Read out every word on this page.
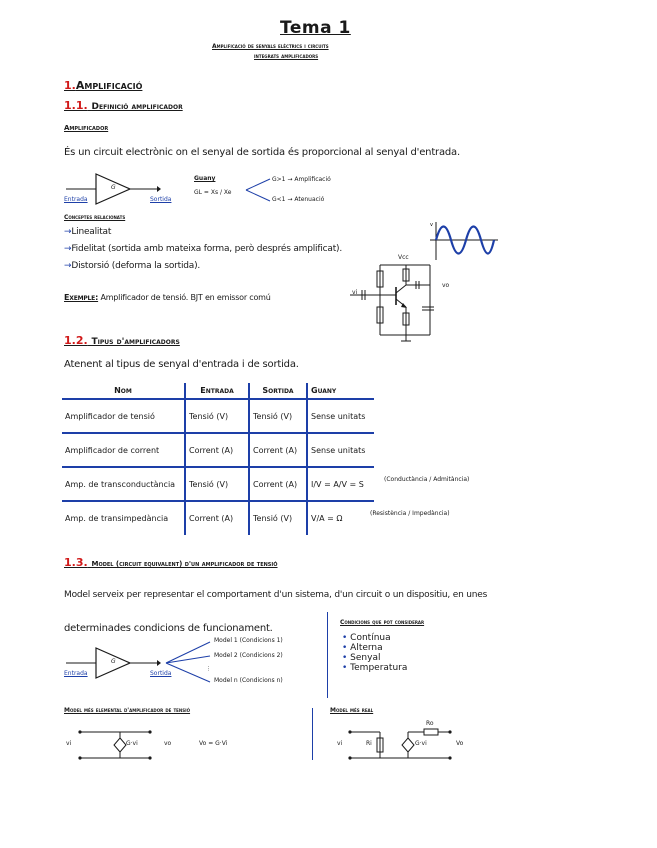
Tema 1
Amplificació de senyals elèctrics i circuits
integrats amplificadors
1.Amplificació
1.1. Definició amplificador
Amplificador
És un circuit electrònic on el senyal de sortida és proporcional al senyal d'entrada.
G
Entrada	Sortida
Guany
GL = Xs / Xe
G>1 → Amplificació
G<1 → Atenuació
Conceptes relacionats
→Linealitat
→Fidelitat (sortida amb mateixa forma, però després amplificat).
→Distorsió (deforma la sortida).
v
vi
vo
Vcc
Exemple: Amplificador de tensió. BJT en emissor comú
1.2. Tipus d'amplificadors
Atenent al tipus de senyal d'entrada i de sortida.
Nom	Entrada	Sortida	Guany
Amplificador de tensió	Tensió (V)	Tensió (V)	Sense unitats
Amplificador de corrent	Corrent (A)	Corrent (A)	Sense unitats
Amp. de transconductància	Tensió (V)	Corrent (A)	I/V = A/V = S
Amp. de transimpedància	Corrent (A)	Tensió (V)	V/A = Ω
(Conductància / Admitància)
(Resistència / Impedància)
1.3. Model (circuit equivalent) d'un amplificador de tensió
Model serveix per representar el comportament d'un sistema, d'un circuit o un dispositiu, en unes
determinades condicions de funcionament.
G
Entrada	Sortida
⋮
Model 1 (Condicions 1)
Model 2 (Condicions 2)
Model n (Condicions n)
Condicions que pot considerar
• Contínua
• Alterna
• Senyal
• Temperatura
Model més elemental d'amplificador de tensió
vi	G·vi	vo	Vo = G·Vi
Model més real
vi	Ri
Ro
G·vi	Vo
